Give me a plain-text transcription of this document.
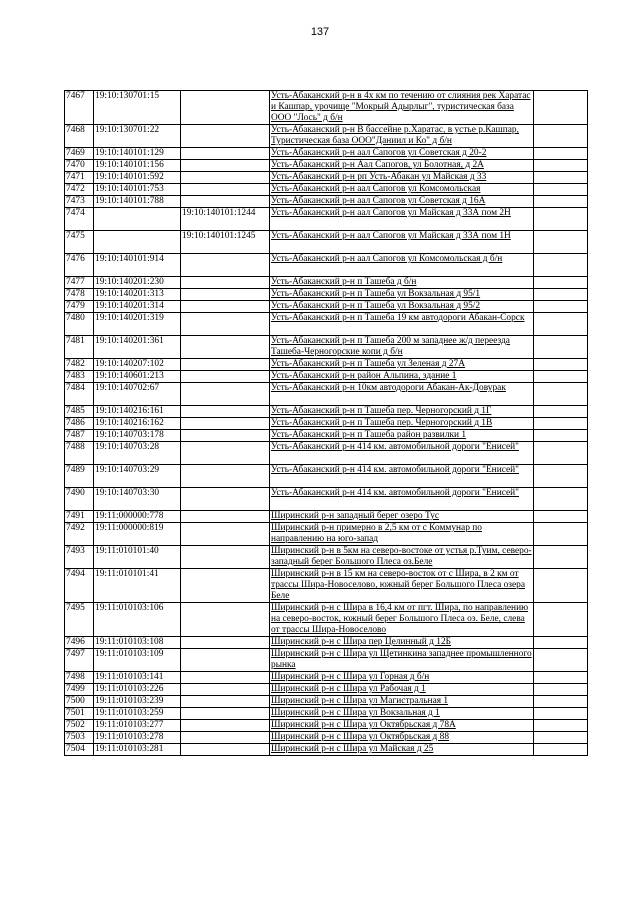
137
7467	19:10:130701:15		Усть-Абаканский р-н в 4х км по течению от слияния рек Харатас и Кашпар, урочище "Мокрый Адырлыг", туристическая база ООО "Лось" д б/н	
7468	19:10:130701:22		Усть-Абаканский р-н В бассейне р.Харатас, в устье р.Кашпар, Туристическая база ООО"Даниил и Ко" д б/н	
7469	19:10:140101:129		Усть-Абаканский р-н аал Сапогов ул Советская д 20-2	
7470	19:10:140101:156		Усть-Абаканский р-н Аал Сапогов, ул Болотная, д 2А	
7471	19:10:140101:592		Усть-Абаканский р-н рп Усть-Абакан ул Майская д 33	
7472	19:10:140101:753		Усть-Абаканский р-н аал Сапогов ул Комсомольская	
7473	19:10:140101:788		Усть-Абаканский р-н аал Сапогов ул Советская д 16А	
7474		19:10:140101:1244	Усть-Абаканский р-н аал Сапогов ул Майская д 33А пом 2Н	
7475		19:10:140101:1245	Усть-Абаканский р-н аал Сапогов ул Майская д 33А пом 1Н	
7476	19:10:140101:914		Усть-Абаканский р-н аал Сапогов ул Комсомольская д б/н	
7477	19:10:140201:230		Усть-Абаканский р-н п Ташеба д б/н	
7478	19:10:140201:313		Усть-Абаканский р-н п Ташеба ул Вокзальная д 95/1	
7479	19:10:140201:314		Усть-Абаканский р-н п Ташеба ул Вокзальная д 95/2	
7480	19:10:140201:319		Усть-Абаканский р-н п Ташеба 19 км автодороги Абакан-Сорск	
7481	19:10:140201:361		Усть-Абаканский р-н п Ташеба 200 м западнее ж/д переезда Ташеба-Черногорские копи д б/н	
7482	19:10:140207:102		Усть-Абаканский р-н п Ташеба ул Зеленая д 27А	
7483	19:10:140601:213		Усть-Абаканский р-н район Альпина, здание 1	
7484	19:10:140702:67		Усть-Абаканский р-н 10км автодороги Абакан-Ак-Довурак	
7485	19:10:140216:161		Усть-Абаканский р-н п Ташеба пер. Черногорский д 1Г	
7486	19:10:140216:162		Усть-Абаканский р-н п Ташеба пер. Черногорский д 1В	
7487	19:10:140703:178		Усть-Абаканский р-н п Ташеба район развилки 1	
7488	19:10:140703:28		Усть-Абаканский р-н 414 км. автомобильной дороги "Енисей"	
7489	19:10:140703:29		Усть-Абаканский р-н 414 км. автомобильной дороги "Енисей"	
7490	19:10:140703:30		Усть-Абаканский р-н 414 км. автомобильной дороги "Енисей"	
7491	19:11:000000:778		Ширинский р-н западный берег озеро Тус	
7492	19:11:000000:819		Ширинский р-н примерно в 2,5 км от с Коммунар по направлению на юго-запад	
7493	19:11:010101:40		Ширинский р-н в 5км на северо-востоке от устья р.Туим, северо-западный берег Большого Плеса оз.Беле	
7494	19:11:010101:41		Ширинский р-н в 15 км на северо-восток от с Шира, в 2 км от трассы Шира-Новоселово, южный берег Большого Плеса озера Беле	
7495	19:11:010103:106		Ширинский р-н с Шира в 16,4 км от пгт. Шира, по направлению на северо-восток, южный берег Большого Плеса оз. Беле, слева от трассы Шира-Новоселово	
7496	19:11:010103:108		Ширинский р-н с Шира пер Целинный д 12Б	
7497	19:11:010103:109		Ширинский р-н с Шира ул Щетинкина западнее промышленного рынка	
7498	19:11:010103:141		Ширинский р-н с Шира ул Горная д б/н	
7499	19:11:010103:226		Ширинский р-н с Шира ул Рабочая д 1	
7500	19:11:010103:239		Ширинский р-н с Шира ул Магистральная 1	
7501	19:11:010103:259		Ширинский р-н с Шира ул Вокзальная д 1	
7502	19:11:010103:277		Ширинский р-н с Шира ул Октябрьская д 78А	
7503	19:11:010103:278		Ширинский р-н с Шира ул Октябрьская д 88	
7504	19:11:010103:281		Ширинский р-н с Шира ул Майская д 25	
